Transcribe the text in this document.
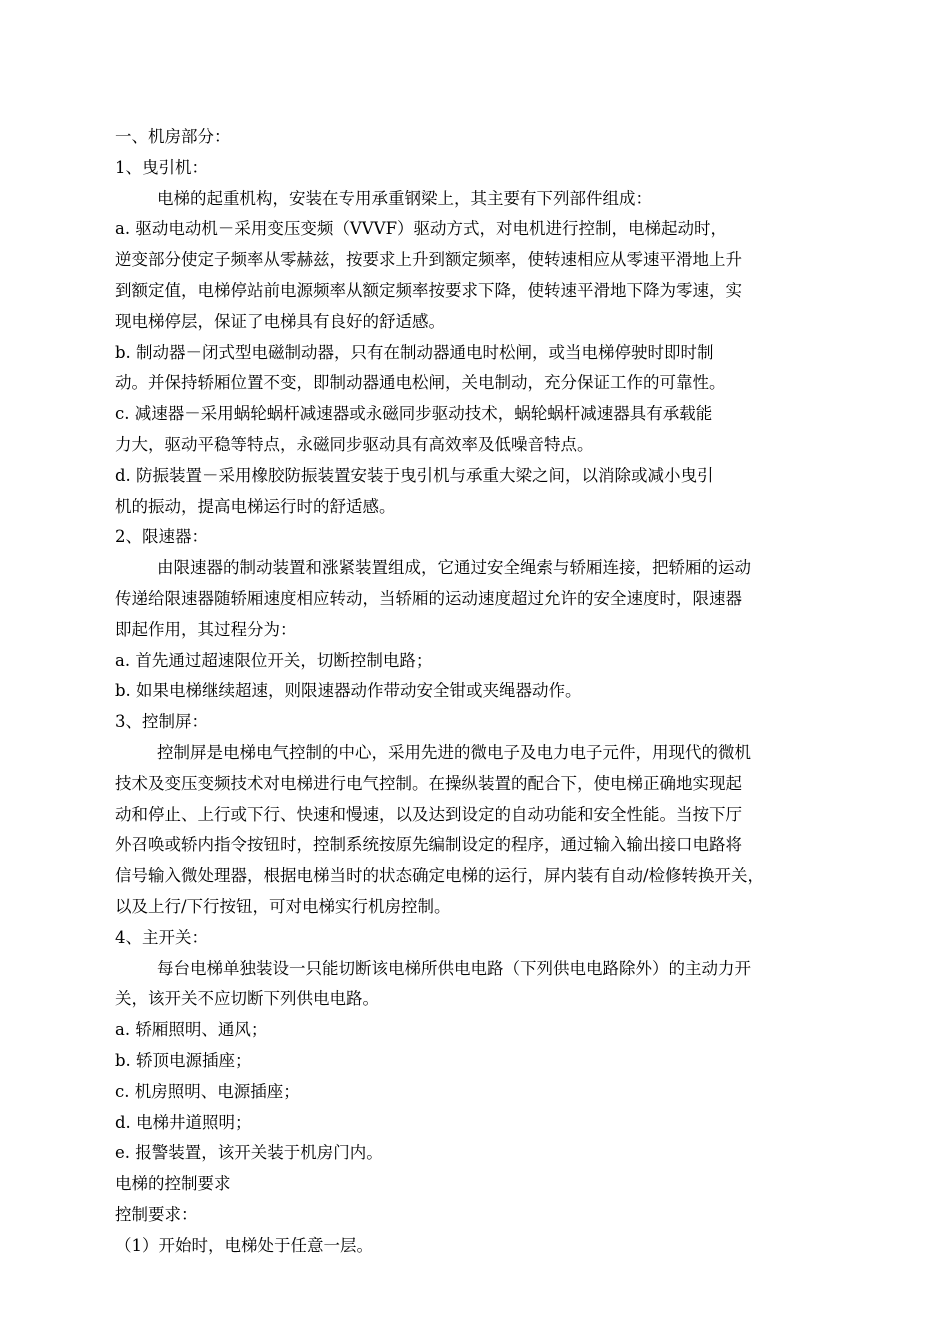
一、机房部分：

1、曳引机：

电梯的起重机构，安装在专用承重钢梁上，其主要有下列部件组成：

a. 驱动电动机－采用变压变频（VVVF）驱动方式，对电机进行控制，电梯起动时，

逆变部分使定子频率从零赫兹，按要求上升到额定频率，使转速相应从零速平滑地上升

到额定值，电梯停站前电源频率从额定频率按要求下降，使转速平滑地下降为零速，实

现电梯停层，保证了电梯具有良好的舒适感。

b. 制动器－闭式型电磁制动器，只有在制动器通电时松闸，或当电梯停驶时即时制

动。并保持轿厢位置不变，即制动器通电松闸，关电制动，充分保证工作的可靠性。

c. 减速器－采用蜗轮蜗杆减速器或永磁同步驱动技术，蜗轮蜗杆减速器具有承载能

力大，驱动平稳等特点，永磁同步驱动具有高效率及低噪音特点。

d. 防振装置－采用橡胶防振装置安装于曳引机与承重大梁之间，以消除或减小曳引

机的振动，提高电梯运行时的舒适感。

2、限速器：

由限速器的制动装置和涨紧装置组成，它通过安全绳索与轿厢连接，把轿厢的运动

传递给限速器随轿厢速度相应转动，当轿厢的运动速度超过允许的安全速度时，限速器

即起作用，其过程分为：

a. 首先通过超速限位开关，切断控制电路；

b. 如果电梯继续超速，则限速器动作带动安全钳或夹绳器动作。

3、控制屏：

控制屏是电梯电气控制的中心，采用先进的微电子及电力电子元件，用现代的微机

技术及变压变频技术对电梯进行电气控制。在操纵装置的配合下，使电梯正确地实现起

动和停止、上行或下行、快速和慢速，以及达到设定的自动功能和安全性能。当按下厅

外召唤或轿内指令按钮时，控制系统按原先编制设定的程序，通过输入输出接口电路将

信号输入微处理器，根据电梯当时的状态确定电梯的运行，屏内装有自动/检修转换开关，

以及上行/下行按钮，可对电梯实行机房控制。

4、主开关：

每台电梯单独装设一只能切断该电梯所供电电路（下列供电电路除外）的主动力开

关，该开关不应切断下列供电电路。

a. 轿厢照明、通风；

b. 轿顶电源插座；

c. 机房照明、电源插座；

d. 电梯井道照明；

e. 报警装置，该开关装于机房门内。

电梯的控制要求

控制要求：

（1）开始时，电梯处于任意一层。
